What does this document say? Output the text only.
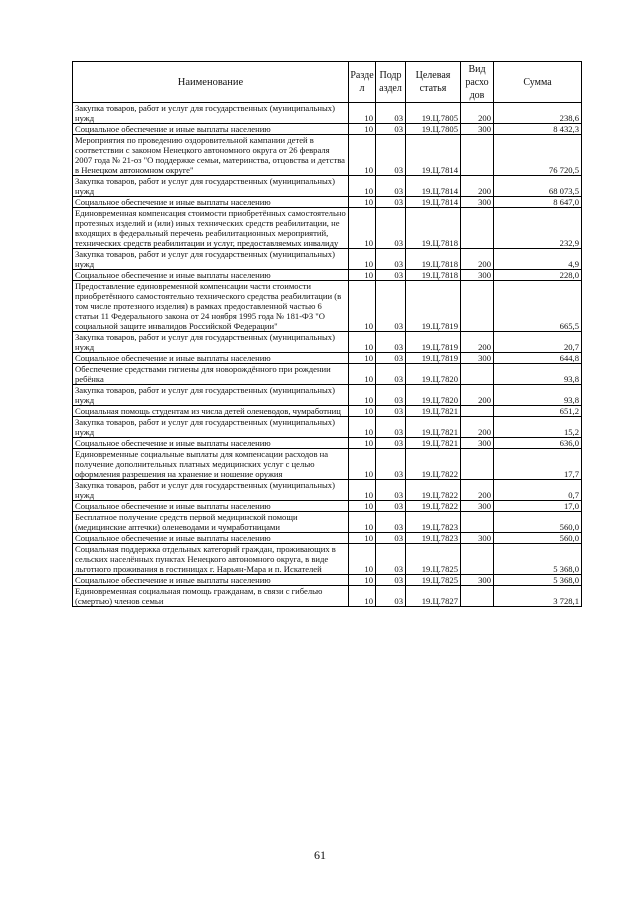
Наименование	Разде л	Подр аздел	Целевая статья	Вид расхо дов	Сумма
Закупка товаров, работ и услуг для государственных (муниципальных) нужд	10	03	19.Ц.7805	200	238,6
Социальное обеспечение и иные выплаты населению	10	03	19.Ц.7805	300	8 432,3
Мероприятия по проведению оздоровительной кампании детей в соответствии с законом Ненецкого автономного округа от 26 февраля 2007 года № 21-оз "О поддержке семьи, материнства, отцовства и детства в Ненецком автономном округе"	10	03	19.Ц.7814		76 720,5
Закупка товаров, работ и услуг для государственных (муниципальных) нужд	10	03	19.Ц.7814	200	68 073,5
Социальное обеспечение и иные выплаты населению	10	03	19.Ц.7814	300	8 647,0
Единовременная компенсация стоимости приобретённых самостоятельно протезных изделий и (или) иных технических средств реабилитации, не входящих в федеральный перечень реабилитационных мероприятий, технических средств реабилитации и услуг, предоставляемых инвалиду	10	03	19.Ц.7818		232,9
Закупка товаров, работ и услуг для государственных (муниципальных) нужд	10	03	19.Ц.7818	200	4,9
Социальное обеспечение и иные выплаты населению	10	03	19.Ц.7818	300	228,0
Предоставление единовременной компенсации части стоимости приобретённого самостоятельно технического средства реабилитации (в том числе протезного изделия) в рамках предоставленной частью 6 статьи 11 Федерального закона от 24 ноября 1995 года № 181-ФЗ "О социальной защите инвалидов Российской Федерации"	10	03	19.Ц.7819		665,5
Закупка товаров, работ и услуг для государственных (муниципальных) нужд	10	03	19.Ц.7819	200	20,7
Социальное обеспечение и иные выплаты населению	10	03	19.Ц.7819	300	644,8
Обеспечение средствами гигиены для новорождённого при рождении ребёнка	10	03	19.Ц.7820		93,8
Закупка товаров, работ и услуг для государственных (муниципальных) нужд	10	03	19.Ц.7820	200	93,8
Социальная помощь студентам из числа детей оленеводов, чумработниц	10	03	19.Ц.7821		651,2
Закупка товаров, работ и услуг для государственных (муниципальных) нужд	10	03	19.Ц.7821	200	15,2
Социальное обеспечение и иные выплаты населению	10	03	19.Ц.7821	300	636,0
Единовременные социальные выплаты для компенсации расходов на получение дополнительных платных медицинских услуг с целью оформления разрешения на хранение и ношение оружия	10	03	19.Ц.7822		17,7
Закупка товаров, работ и услуг для государственных (муниципальных) нужд	10	03	19.Ц.7822	200	0,7
Социальное обеспечение и иные выплаты населению	10	03	19.Ц.7822	300	17,0
Бесплатное получение средств первой медицинской помощи (медицинские аптечки) оленеводами и чумработницами	10	03	19.Ц.7823		560,0
Социальное обеспечение и иные выплаты населению	10	03	19.Ц.7823	300	560,0
Социальная поддержка отдельных категорий граждан, проживающих в сельских населённых пунктах Ненецкого автономного округа, в виде льготного проживания в гостиницах г. Нарьян-Мара и п. Искателей	10	03	19.Ц.7825		5 368,0
Социальное обеспечение и иные выплаты населению	10	03	19.Ц.7825	300	5 368,0
Единовременная социальная помощь гражданам, в связи с гибелью (смертью) членов семьи	10	03	19.Ц.7827		3 728,1
61
